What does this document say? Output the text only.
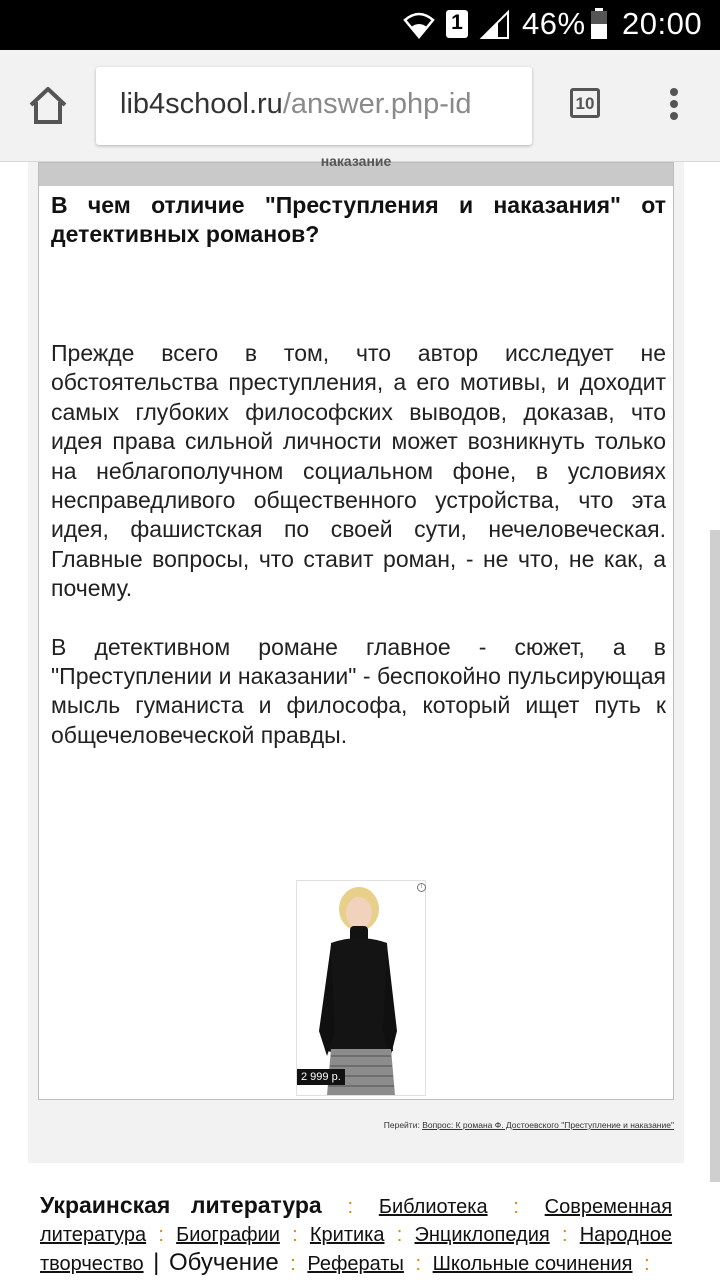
1 46% 20:00
lib4school.ru/answer.php-id	10
наказание
В чем отличие "Преступления и наказания" от детективных романов?

Прежде всего в том, что автор исследует не обстоятельства преступления, а его мотивы, и доходит самых глубоких философских выводов, доказав, что идея права сильной личности может возникнуть только на неблагополучном социальном фоне, в условиях несправедливого общественного устройства, что эта идея, фашистская по своей сути, нечеловеческая. Главные вопросы, что ставит роман, - не что, не как, а почему.

В детективном романе главное - сюжет, а в "Преступлении и наказании" - беспокойно пульсирующая мысль гуманиста и философа, который ищет путь к общечеловеческой правды.

i
2 999 р.
Перейти: Вопрос: К романа Ф. Достоевского "Преступление и наказание"
Украинская литература : Библиотека : Современная литература : Биографии : Критика : Энциклопедия : Народное творчество | Обучение : Рефераты : Школьные сочинения :
